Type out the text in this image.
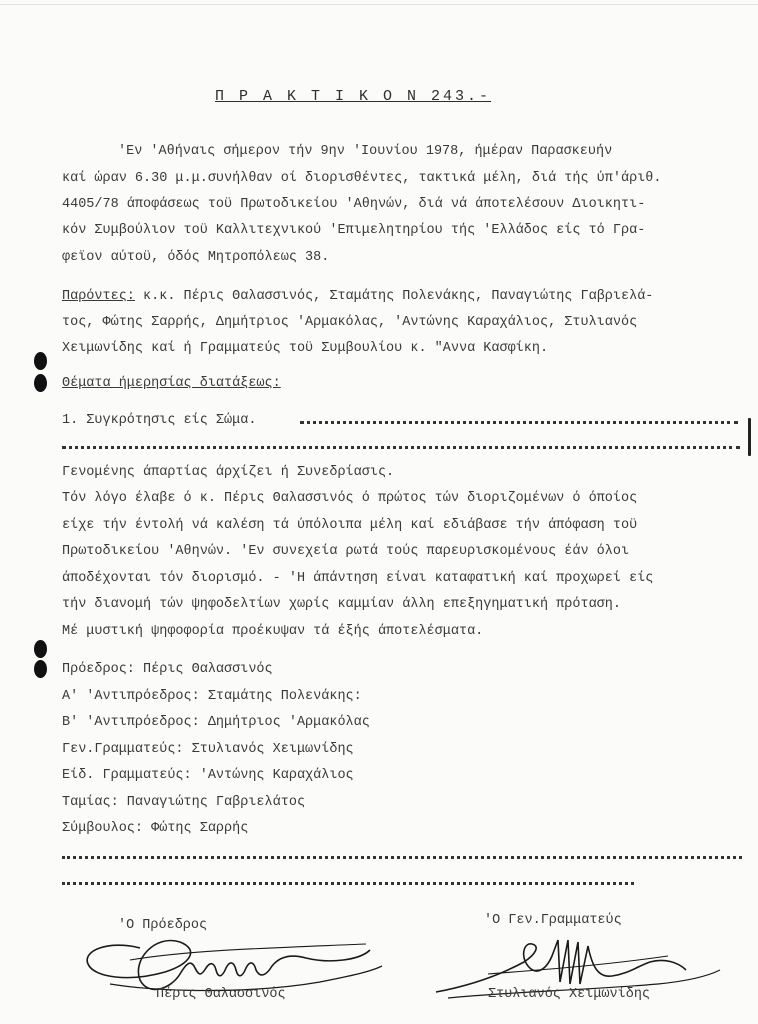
Π Ρ Α Κ Τ Ι Κ Ο Ν 243.-
'Εν 'Αθήναις σήμερον τήν 9ην 'Ιουνίου 1978, ήμέραν Παρασκευήν
καί ώραν 6.30 μ.μ.συνήλθαν οί διορισθέντες, τακτικά μέλη, διά τής ύπ'άριθ.
4405/78 άποφάσεως τοϋ Πρωτοδικείου 'Αθηνών, διά νά άποτελέσουν Διοικητι-
κόν Συμβούλιον τοϋ Καλλιτεχνικού 'Επιμελητηρίου τής 'Ελλάδος είς τό Γρα-
φεϊον αύτοϋ, όδός Μητροπόλεως 38.
Παρόντες: κ.κ. Πέρις Θαλασσινός, Σταμάτης Πολενάκης, Παναγιώτης Γαβριελά-
τος, Φώτης Σαρρής, Δημήτριος 'Αρμακόλας, 'Αντώνης Καραχάλιος, Στυλιανός
Χειμωνίδης καί ή Γραμματεύς τοϋ Συμβουλίου κ. "Αννα Κασφίκη.
Θέματα ήμερησίας διατάξεως:
1. Συγκρότησις είς Σώμα.
Γενομένης άπαρτίας άρχίζει ή Συνεδρίασις.
Τόν λόγο έλαβε ό κ. Πέρις Θαλασσινός ό πρώτος τών διοριζομένων ό όποίος
είχε τήν έντολή νά καλέση τά ύπόλοιπα μέλη καί εδιάβασε τήν άπόφαση τοϋ
Πρωτοδικείου 'Αθηνών. 'Εν συνεχεία ρωτά τούς παρευρισκομένους έάν όλοι
άποδέχονται τόν διορισμό. - 'Η άπάντηση είναι καταφατική καί προχωρεί είς
τήν διανομή τών ψηφοδελτίων χωρίς καμμίαν άλλη επεξηγηματική πρόταση.
Μέ μυστική ψηφοφορία προέκυψαν τά έξής άποτελέσματα.
Πρόεδρος: Πέρις Θαλασσινός
Α' 'Αντιπρόεδρος: Σταμάτης Πολενάκης:
Β' 'Αντιπρόεδρος: Δημήτριος 'Αρμακόλας
Γεν.Γραμματεύς: Στυλιανός Χειμωνίδης
Είδ. Γραμματεύς: 'Αντώνης Καραχάλιος
Ταμίας: Παναγιώτης Γαβριελάτος
Σύμβουλος: Φώτης Σαρρής
'Ο Πρόεδρος	'Ο Γεν.Γραμματεύς
Πέρις Θαλασσινός	Στυλιανός Χειμωνίδης
